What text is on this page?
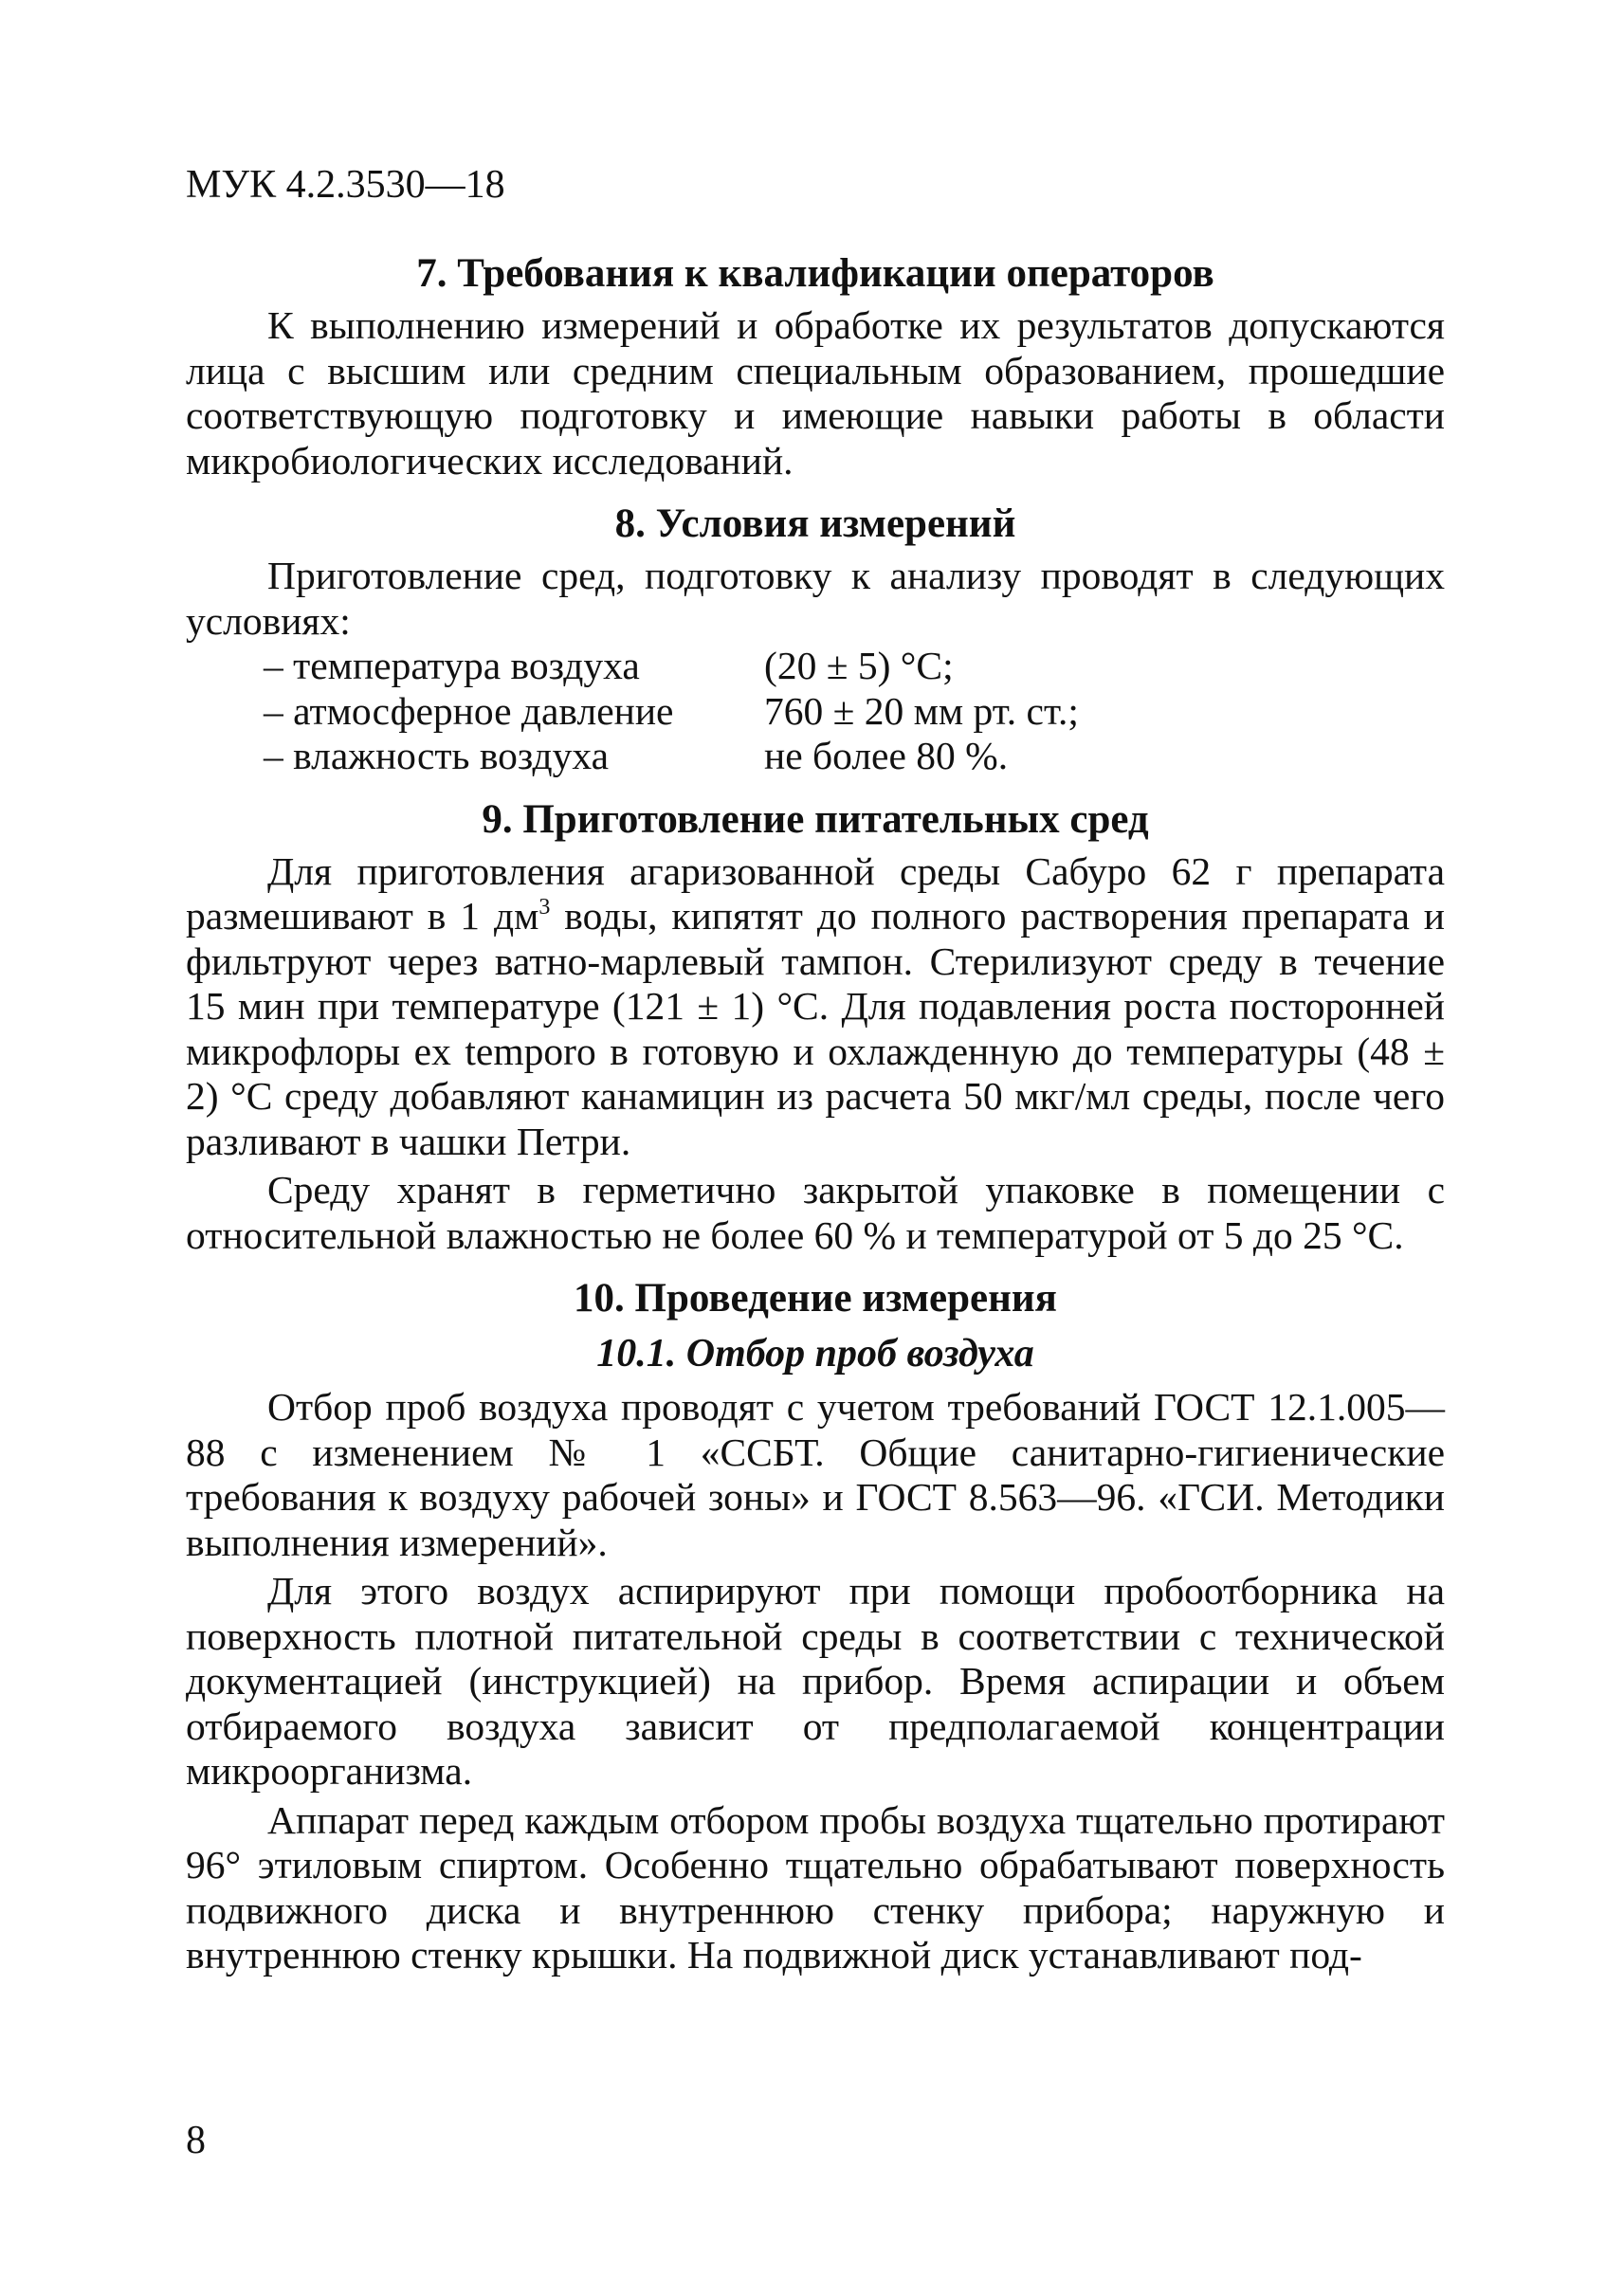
МУК 4.2.3530—18
7. Требования к квалификации операторов

К выполнению измерений и обработке их результатов допускаются лица с высшим или средним специальным образованием, прошедшие соответствующую подготовку и имеющие навыки работы в области микробиологических исследований.

8. Условия измерений

Приготовление сред, подготовку к анализу проводят в следующих условиях:

– температура воздуха	(20 ± 5) °С;
– атмосферное давление	760 ± 20 мм рт. ст.;
– влажность воздуха	не более 80 %.
9. Приготовление питательных сред

Для приготовления агаризованной среды Сабуро 62 г препарата размешивают в 1 $дм^3$ воды, кипятят до полного растворения препарата и фильтруют через ватно-марлевый тампон. Стерилизуют среду в течение 15 мин при температуре (121 ± 1) °С. Для подавления роста посторонней микрофлоры ex temporo в готовую и охлажденную до температуры (48 ± 2) °С среду добавляют канамицин из расчета 50 мкг/мл среды, после чего разливают в чашки Петри.

Среду хранят в герметично закрытой упаковке в помещении с относительной влажностью не более 60 % и температурой от 5 до 25 °С.

10. Проведение измерения
10.1. Отбор проб воздуха

Отбор проб воздуха проводят с учетом требований ГОСТ 12.1.005—88 с изменением № 1 «ССБТ. Общие санитарно-гигиенические требования к воздуху рабочей зоны» и ГОСТ 8.563—96. «ГСИ. Методики выполнения измерений».

Для этого воздух аспирируют при помощи пробоотборника на поверхность плотной питательной среды в соответствии с технической документацией (инструкцией) на прибор. Время аспирации и объем отбираемого воздуха зависит от предполагаемой концентрации микроорганизма.

Аппарат перед каждым отбором пробы воздуха тщательно протирают 96° этиловым спиртом. Особенно тщательно обрабатывают поверхность подвижного диска и внутреннюю стенку прибора; наружную и внутреннюю стенку крышки. На подвижной диск устанавливают под-

8
